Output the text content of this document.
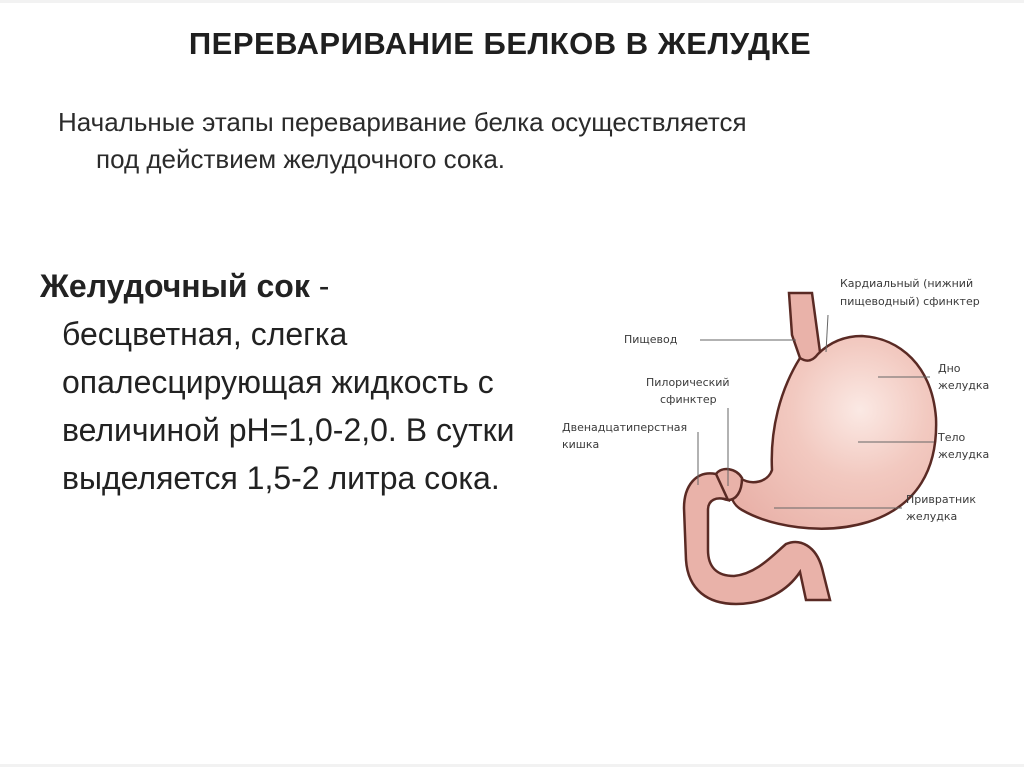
ПЕРЕВАРИВАНИЕ БЕЛКОВ В ЖЕЛУДКЕ
Начальные этапы переваривание белка осуществляется
под действием желудочного сока.
Желудочный сок -
бесцветная, слегка опалесцирующая жидкость с величиной pH=1,0-2,0. В сутки выделяется 1,5-2 литра сока.
Кардиальный (нижний
пищеводный) сфинктер
Пищевод
Дно
желудка
Пилорический
сфинктер
Двенадцатиперстная
кишка
Тело
желудка
Привратник
желудка
